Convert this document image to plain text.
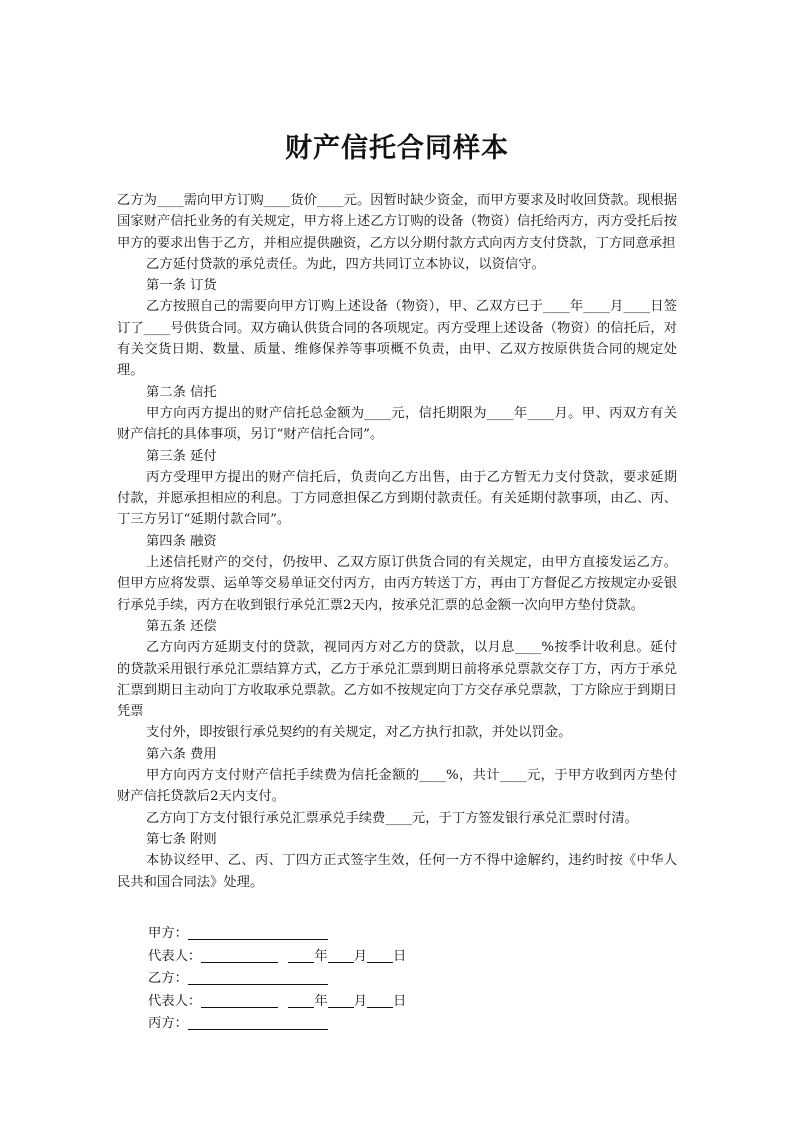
财产信托合同样本

乙方为____需向甲方订购____货价____元。因暂时缺少资金，而甲方要求及时收回贷款。现根据国家财产信托业务的有关规定，甲方将上述乙方订购的设备（物资）信托给丙方，丙方受托后按甲方的要求出售于乙方，并相应提供融资，乙方以分期付款方式向丙方支付贷款，丁方同意承担

乙方延付贷款的承兑责任。为此，四方共同订立本协议，以资信守。

第一条 订货

乙方按照自己的需要向甲方订购上述设备（物资），甲、乙双方已于____年____月____日签订了____号供货合同。双方确认供货合同的各项规定。丙方受理上述设备（物资）的信托后，对有关交货日期、数量、质量、维修保养等事项概不负责，由甲、乙双方按原供货合同的规定处理。

第二条 信托

甲方向丙方提出的财产信托总金额为____元，信托期限为____年____月。甲、丙双方有关财产信托的具体事项，另订“财产信托合同”。

第三条 延付

丙方受理甲方提出的财产信托后，负责向乙方出售，由于乙方暂无力支付贷款，要求延期付款，并愿承担相应的利息。丁方同意担保乙方到期付款责任。有关延期付款事项，由乙、丙、丁三方另订“延期付款合同”。

第四条 融资

上述信托财产的交付，仍按甲、乙双方原订供货合同的有关规定，由甲方直接发运乙方。但甲方应将发票、运单等交易单证交付丙方，由丙方转送丁方，再由丁方督促乙方按规定办妥银行承兑手续，丙方在收到银行承兑汇票2天内，按承兑汇票的总金额一次向甲方垫付贷款。

第五条 还偿

乙方向丙方延期支付的贷款，视同丙方对乙方的贷款，以月息____%按季计收利息。延付的贷款采用银行承兑汇票结算方式，乙方于承兑汇票到期日前将承兑票款交存丁方，丙方于承兑汇票到期日主动向丁方收取承兑票款。乙方如不按规定向丁方交存承兑票款，丁方除应于到期日凭票

支付外，即按银行承兑契约的有关规定，对乙方执行扣款，并处以罚金。

第六条 费用

甲方向丙方支付财产信托手续费为信托金额的____%，共计____元，于甲方收到丙方垫付财产信托贷款后2天内支付。

乙方向丁方支付银行承兑汇票承兑手续费____元，于丁方签发银行承兑汇票时付清。

第七条 附则

本协议经甲、乙、丙、丁四方正式签字生效，任何一方不得中途解约，违约时按《中华人民共和国合同法》处理。

甲方：
代表人：	年 月 日
乙方：
代表人：	年 月 日
丙方：
